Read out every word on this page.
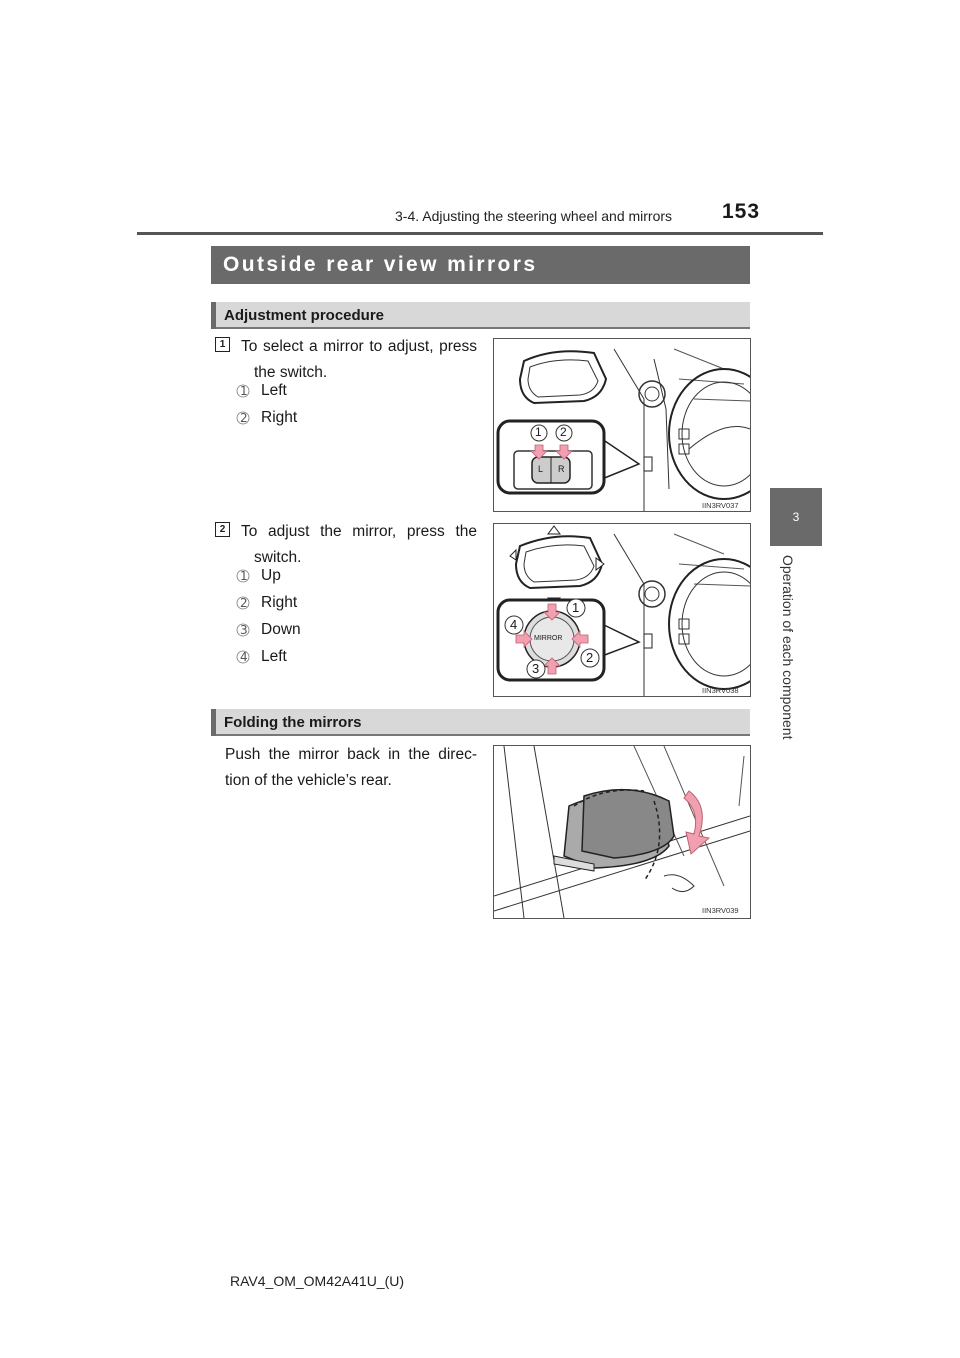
3-4. Adjusting the steering wheel and mirrors 153
3
Operation of each component
Outside rear view mirrors
Adjustment procedure
1	To select a mirror to adjust, press the switch.
1 Left
2 Right
1 2
L R
IIN3RV037
2	To adjust the mirror, press the switch.
1 Up
2 Right
3 Down
4 Left
1
2
3
4
MIRROR
IIN3RV038
Folding the mirrors
Push the mirror back in the direc-tion of the vehicle’s rear.
IIN3RV039
RAV4_OM_OM42A41U_(U)
